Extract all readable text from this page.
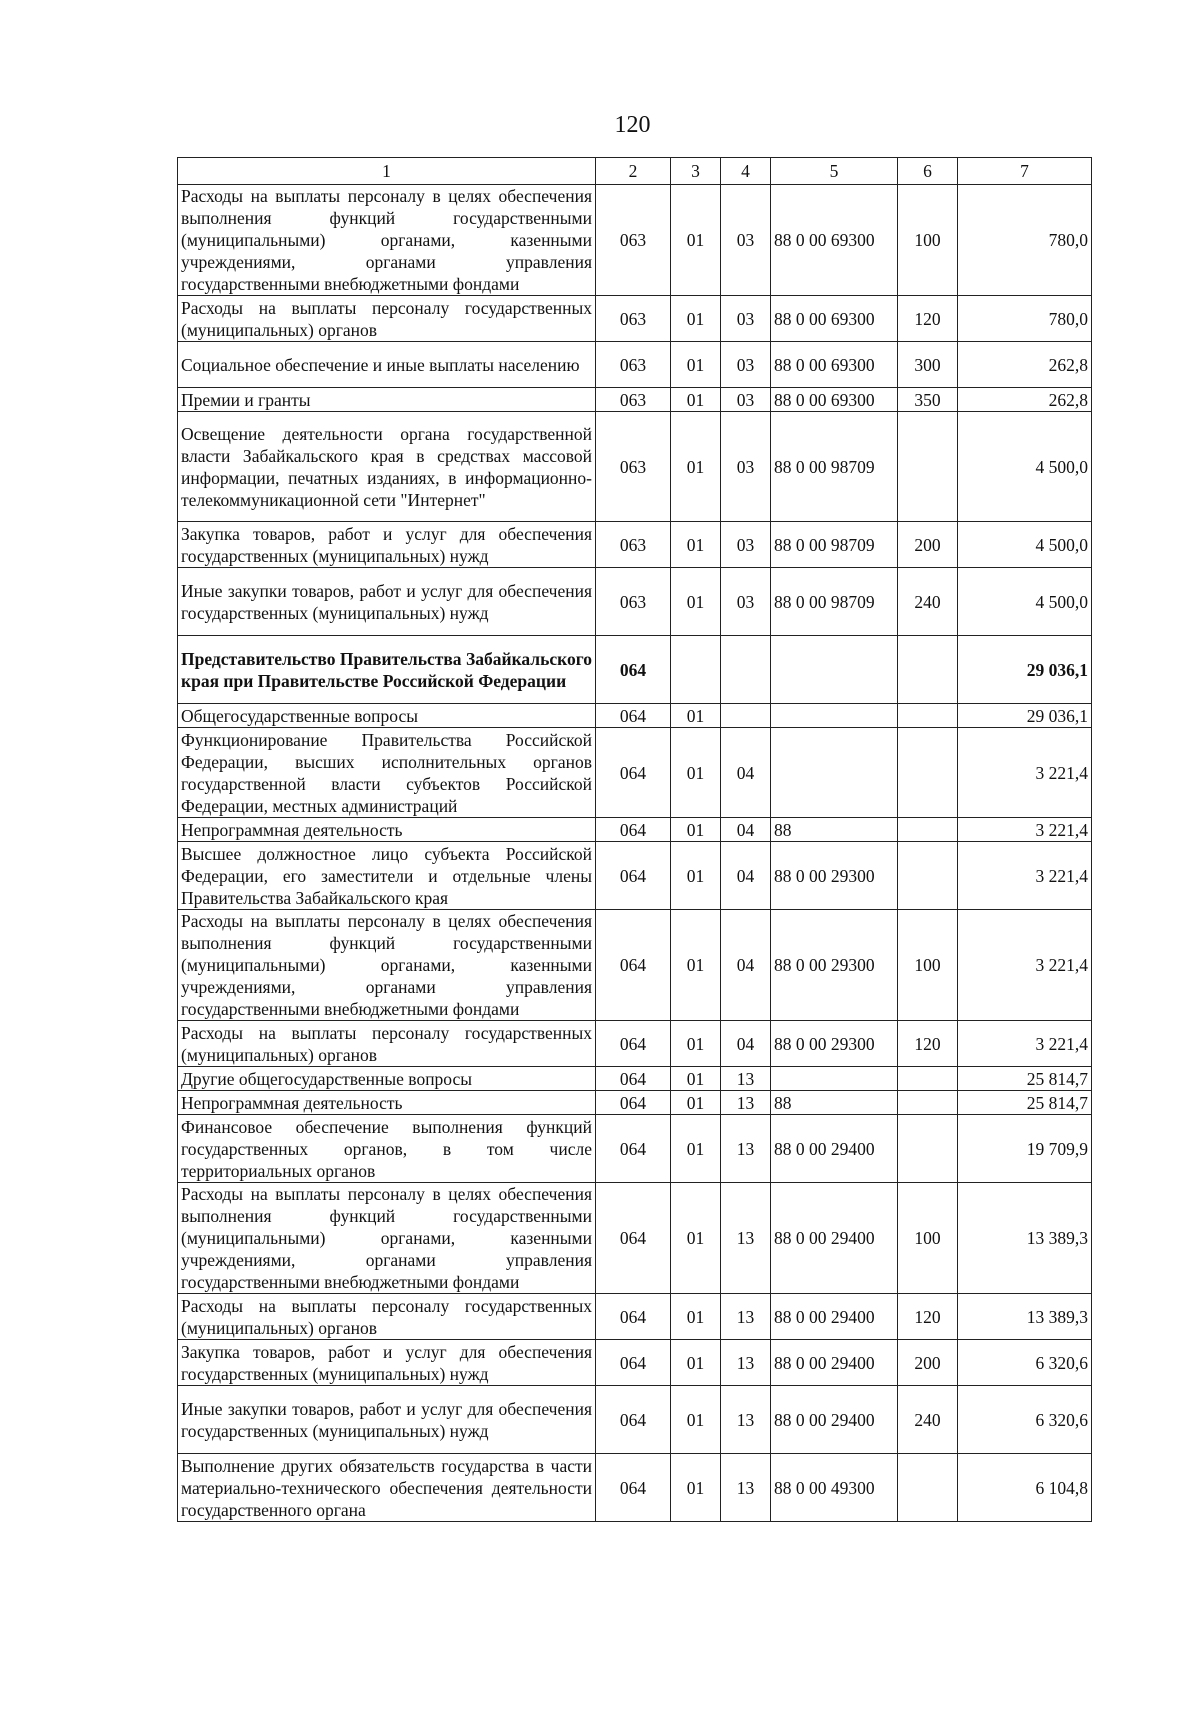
120
1	2	3	4	5	6	7
Расходы на выплаты персоналу в целях обеспечения выполнения функций государственными (муниципальными) органами, казенными учреждениями, органами управления государственными внебюджетными фондами	063	01	03	88 0 00 69300	100	780,0
Расходы на выплаты персоналу государственных (муниципальных) органов	063	01	03	88 0 00 69300	120	780,0
Социальное обеспечение и иные выплаты населению	063	01	03	88 0 00 69300	300	262,8
Премии и гранты	063	01	03	88 0 00 69300	350	262,8
Освещение деятельности органа государственной власти Забайкальского края в средствах массовой информации, печатных изданиях, в информационно-телекоммуникационной сети "Интернет"	063	01	03	88 0 00 98709		4 500,0
Закупка товаров, работ и услуг для обеспечения государственных (муниципальных) нужд	063	01	03	88 0 00 98709	200	4 500,0
Иные закупки товаров, работ и услуг для обеспечения государственных (муниципальных) нужд	063	01	03	88 0 00 98709	240	4 500,0
Представительство Правительства Забайкальского края при Правительстве Российской Федерации	064					29 036,1
Общегосударственные вопросы	064	01				29 036,1
Функционирование Правительства Российской Федерации, высших исполнительных органов государственной власти субъектов Российской Федерации, местных администраций	064	01	04			3 221,4
Непрограммная деятельность	064	01	04	88		3 221,4
Высшее должностное лицо субъекта Российской Федерации, его заместители и отдельные члены Правительства Забайкальского края	064	01	04	88 0 00 29300		3 221,4
Расходы на выплаты персоналу в целях обеспечения выполнения функций государственными (муниципальными) органами, казенными учреждениями, органами управления государственными внебюджетными фондами	064	01	04	88 0 00 29300	100	3 221,4
Расходы на выплаты персоналу государственных (муниципальных) органов	064	01	04	88 0 00 29300	120	3 221,4
Другие общегосударственные вопросы	064	01	13			25 814,7
Непрограммная деятельность	064	01	13	88		25 814,7
Финансовое обеспечение выполнения функций государственных органов, в том числе территориальных органов	064	01	13	88 0 00 29400		19 709,9
Расходы на выплаты персоналу в целях обеспечения выполнения функций государственными (муниципальными) органами, казенными учреждениями, органами управления государственными внебюджетными фондами	064	01	13	88 0 00 29400	100	13 389,3
Расходы на выплаты персоналу государственных (муниципальных) органов	064	01	13	88 0 00 29400	120	13 389,3
Закупка товаров, работ и услуг для обеспечения государственных (муниципальных) нужд	064	01	13	88 0 00 29400	200	6 320,6
Иные закупки товаров, работ и услуг для обеспечения государственных (муниципальных) нужд	064	01	13	88 0 00 29400	240	6 320,6
Выполнение других обязательств государства в части материально-технического обеспечения деятельности государственного органа	064	01	13	88 0 00 49300		6 104,8
